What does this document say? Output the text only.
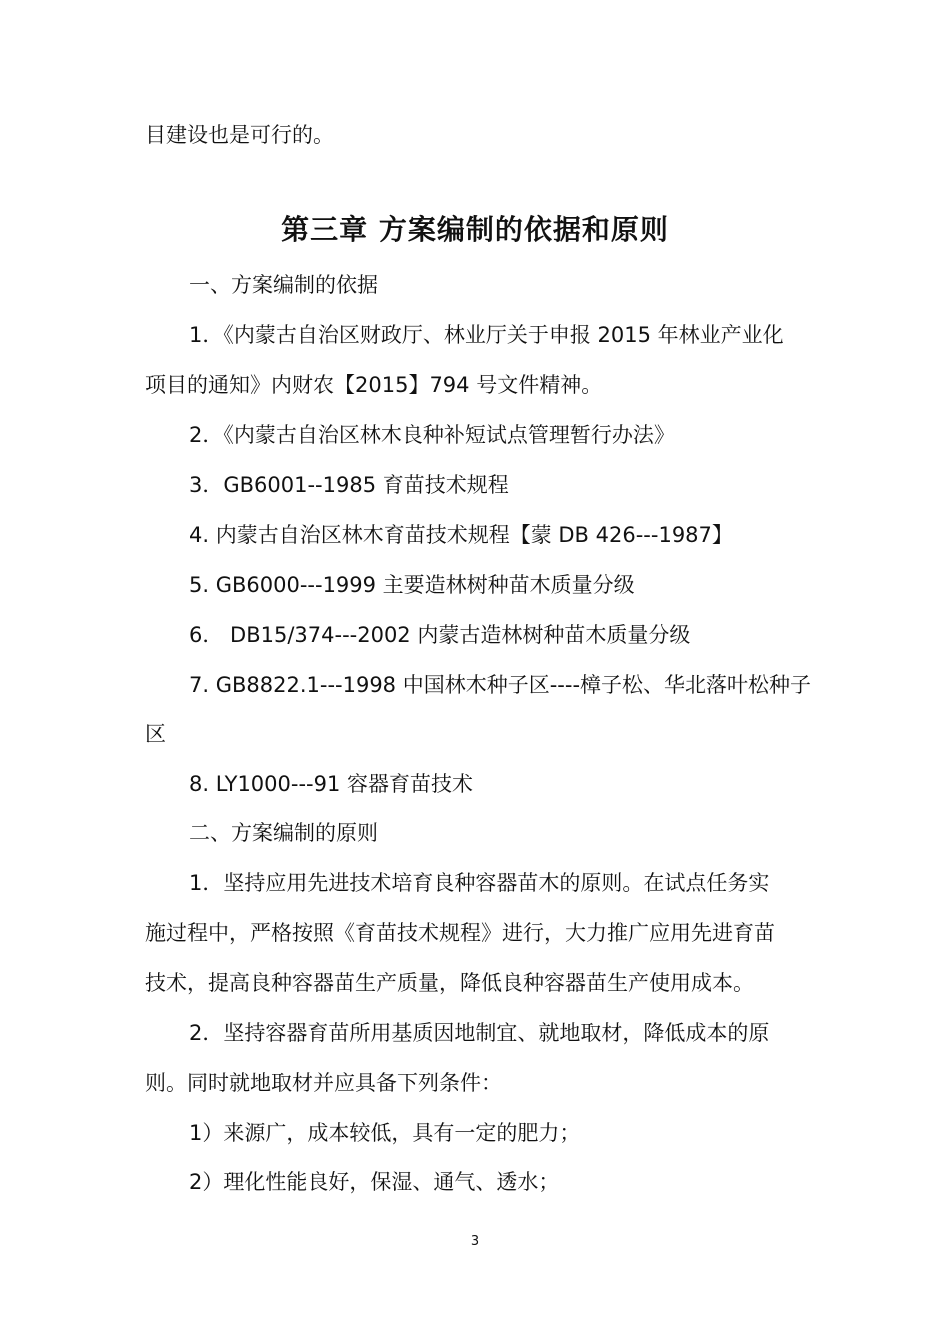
目建设也是可行的。

第三章 方案编制的依据和原则

一、方案编制的依据

1．《内蒙古自治区财政厅、林业厅关于申报 2015 年林业产业化

项目的通知》内财农【2015】794 号文件精神。

2．《内蒙古自治区林木良种补短试点管理暂行办法》

3．GB6001--1985 育苗技术规程

4. 内蒙古自治区林木育苗技术规程【蒙 DB 426---1987】

5. GB6000---1999 主要造林树种苗木质量分级

6． DB15/374---2002 内蒙古造林树种苗木质量分级

7. GB8822.1---1998 中国林木种子区----樟子松、华北落叶松种子

区

8. LY1000---91 容器育苗技术

二、方案编制的原则

1．坚持应用先进技术培育良种容器苗木的原则。在试点任务实

施过程中，严格按照《育苗技术规程》进行，大力推广应用先进育苗

技术，提高良种容器苗生产质量，降低良种容器苗生产使用成本。

2．坚持容器育苗所用基质因地制宜、就地取材，降低成本的原

则。同时就地取材并应具备下列条件：

1）来源广，成本较低，具有一定的肥力；

2）理化性能良好，保湿、通气、透水；

3
